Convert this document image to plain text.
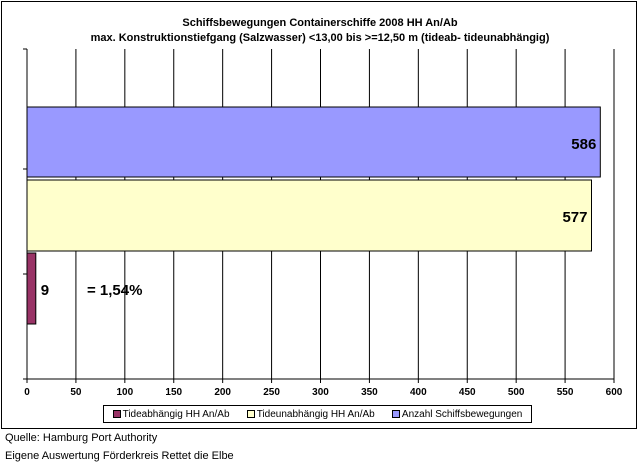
Schiffsbewegungen Containerschiffe 2008 HH An/Ab
max. Konstruktionstiefgang (Salzwasser) <13,00 bis >=12,50 m (tideab- tideunabhängig)
586
577
9	= 1,54%
0	50	100	150	200	250	300	350	400	450	500	550	600
Tideabhängig HH An/Ab	Tideunabhängig HH An/Ab	Anzahl Schiffsbewegungen
Quelle: Hamburg Port Authority
Eigene Auswertung Förderkreis Rettet die Elbe
